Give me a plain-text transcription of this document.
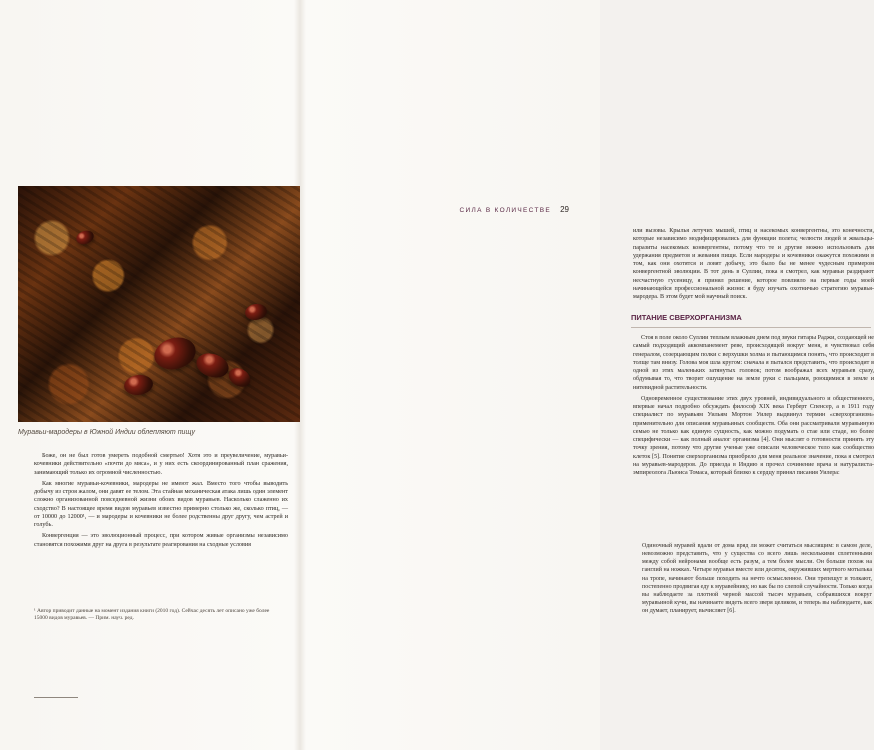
Муравьи-мародеры в Южной Индии облепляют пищу

Боже, он не был готов умереть подобной смертью! Хотя это и преувеличение, муравьи-кочевники действительно «почти до мяса», и у них есть скоординированный план сражения, занимающий только их огромной численностью.

Как многие муравьи-кочевники, мародеры не имеют жал. Вместо того чтобы выводить добычу из строя жалом, они давят ее телом. Эта стайная механическая атака лишь один элемент сложно организованной повседневной жизни обоих видов муравьев. Насколько слаженно их сходство? В настоящее время видов муравьев известно примерно столько же, сколько птиц, — от 10000 до 12000¹, — и мародеры и кочевники не более родственны друг другу, чем астрей и голубь.

Конвергенция — это эволюционный процесс, при котором живые организмы независимо становятся похожими друг на друга в результате реагирования на сходные условия

¹ Автор приводит данные на момент издания книги (2010 год). Сейчас десять лет описано уже более 15000 видов муравьев. — Прим. науч. ред.

СИЛА В КОЛИЧЕСТВЕ 29

или вызовы. Крылья летучих мышей, птиц и насекомых конвергентны, это конечности, которые независимо модифицировались для функции полета; челюсти людей и жвальцы-паразиты насекомых конвергентны, потому что те и другие можно использовать для удержания предметов и жевания пищи. Если мародеры и кочевники окажутся похожими в том, как они охотятся и ловят добычу, это было бы не менее чудесным примером конвергентной эволюции. В тот день в Суллии, пока я смотрел, как муравьи раздирают несчастную гусеницу, я принял решение, которое повлияло на первые годы моей начинающейся профессиональной жизни: я буду изучать охотничью стратегию муравья-мародера. В этом будет мой научный поиск.

ПИТАНИЕ СВЕРХОРГАНИЗМА

Стоя в поле около Суллии теплым влажным днем под звуки гитары Раджи, создающей не самый подходящий аккомпанемент реве, происходящей вокруг меня, я чувствовал себя генералом, созерцающим полки с верхушки холма и пытающимся понять, что происходит в толще там внизу. Голова моя шла кругом: сначала я пытался представить, что происходит в одной из этих маленьких затянутых головок; потом воображал всех муравьев сразу, обдумывая то, что творит ошущение на земле руки с пальцами, роющимися в земле и нитевидной растительности.

Одновременное существование этих двух уровней, индивидуального и общественного, впервые начал подробно обсуждать философ XIX века Герберт Спенсер, а в 1911 году специалист по муравьям Уильям Мортон Уилер выдвинул термин «сверхорганизм» применительно для описания муравьиных сообществ. Оба они рассматривали муравьиную семью не только как единую сущность, как можно подумать о стае или стаде, но более специфически — как полный аналог организма [4]. Они мыслят о готовности принять эту точку зрения, потому что другие ученые уже описали человеческое тело как сообщество клеток [5]. Понятие сверхорганизма приобрело для меня реальное значение, пока я смотрел на муравьев-мародеров. До приезда в Индию я прочел сочинение врача и натуралиста-эмпиреолога Льюиса Томаса, который близко к сердцу принял писания Уилера:

Одиночный муравей вдали от дома вряд ли может считаться мыслящим: в самом деле, невозможно представить, что у существа со всего лишь несколькими сплетенными между собой нейронами вообще есть разум, а тем более мысли. Он больше похож на ганглий на ножках. Четыре муравья вместе или десяток, окруживших мертвого мотылька на тропе, начинают больше походить на нечто осмысленное. Они трепещут и толкают, постепенно продвигая еду к муравейнику, но как бы по слепой случайности. Только когда вы наблюдаете за плотной черной массой тысяч муравьев, собравшихся вокруг муравьиной кучи, вы начинаете видеть всего зверя целиком, и теперь вы наблюдаете, как он думает, планирует, вычисляет [6].
